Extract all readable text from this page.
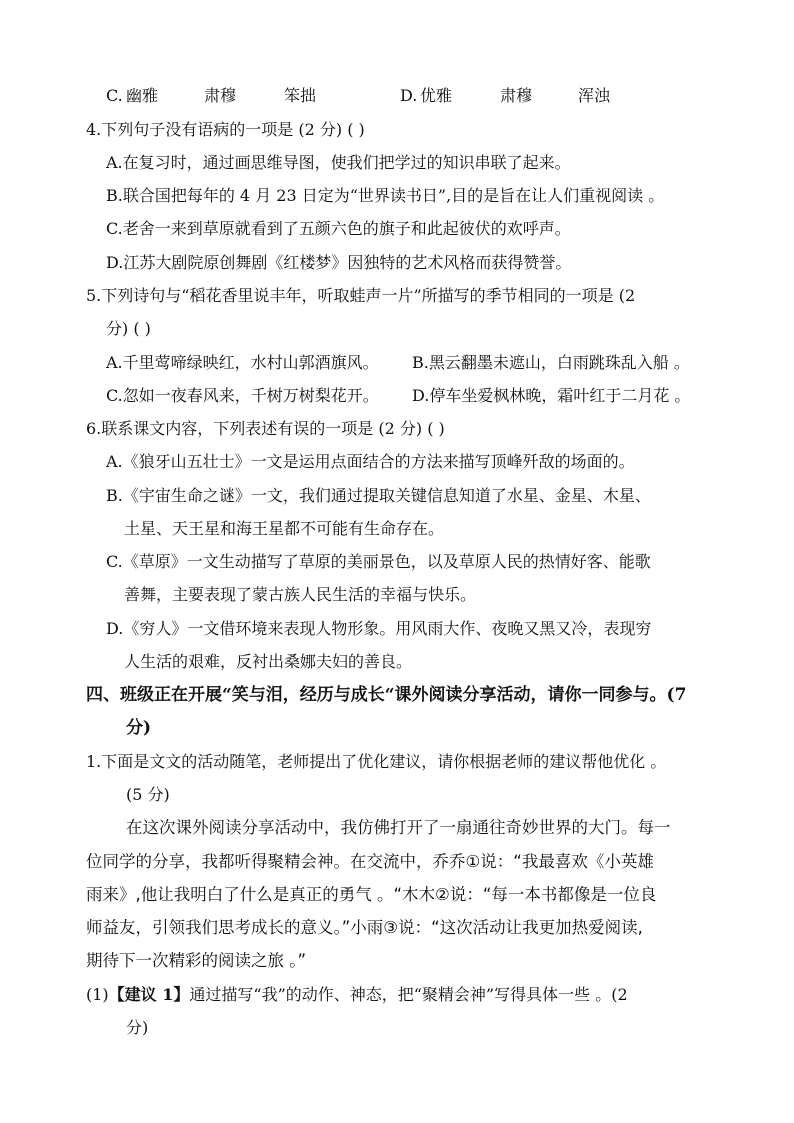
C. 幽雅	肃穆	笨拙	D. 优雅	肃穆	浑浊
4.下列句子没有语病的一项是 (2 分) ( )
A.在复习时，通过画思维导图，使我们把学过的知识串联了起来。
B.联合国把每年的 4 月 23 日定为“世界读书日”,目的是旨在让人们重视阅读 。
C.老舍一来到草原就看到了五颜六色的旗子和此起彼伏的欢呼声。
D.江苏大剧院原创舞剧《红楼梦》因独特的艺术风格而获得赞誉。
5.下列诗句与“稻花香里说丰年，听取蛙声一片”所描写的季节相同的一项是 (2
分) ( )
A.千里莺啼绿映红，水村山郭酒旗风。 B.黑云翻墨未遮山，白雨跳珠乱入船 。
C.忽如一夜春风来，千树万树梨花开。 D.停车坐爱枫林晚，霜叶红于二月花 。
6.联系课文内容，下列表述有误的一项是 (2 分) ( )
A.《狼牙山五壮士》一文是运用点面结合的方法来描写顶峰歼敌的场面的。
B.《宇宙生命之谜》一文，我们通过提取关键信息知道了水星、金星、木星、
土星、天王星和海王星都不可能有生命存在。
C.《草原》一文生动描写了草原的美丽景色，以及草原人民的热情好客、能歌
善舞，主要表现了蒙古族人民生活的幸福与快乐。
D.《穷人》一文借环境来表现人物形象。用风雨大作、夜晚又黑又冷，表现穷
人生活的艰难，反衬出桑娜夫妇的善良。
四、班级正在开展“笑与泪，经历与成长“课外阅读分享活动，请你一同参与。(7
分)
1.下面是文文的活动随笔，老师提出了优化建议，请你根据老师的建议帮他优化 。
(5 分)
在这次课外阅读分享活动中，我仿佛打开了一扇通往奇妙世界的大门。每一
位同学的分享，我都听得聚精会神。在交流中，乔乔①说：“我最喜欢《小英雄
雨来》,他让我明白了什么是真正的勇气 。“木木②说：“每一本书都像是一位良
师益友，引领我们思考成长的意义。”小雨③说：“这次活动让我更加热爱阅读,
期待下一次精彩的阅读之旅 。”
(1)【建议 1】通过描写“我”的动作、神态，把“聚精会神”写得具体一些 。(2
分)
